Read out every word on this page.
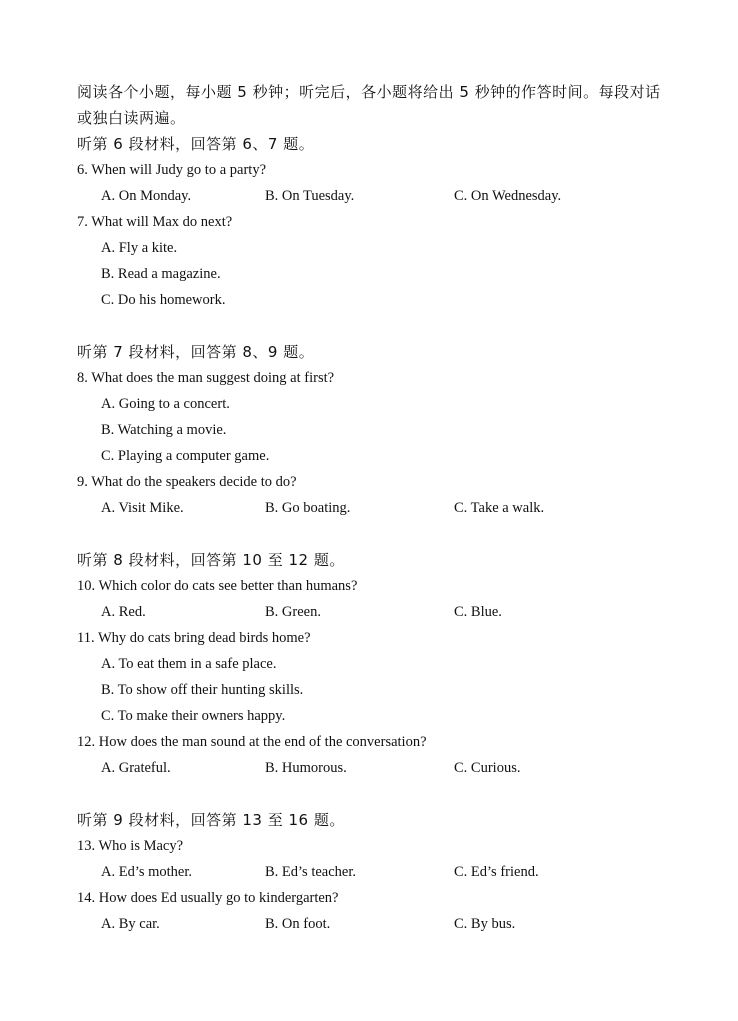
阅读各个小题，每小题 5 秒钟；听完后，各小题将给出 5 秒钟的作答时间。每段对话
或独白读两遍。
听第 6 段材料，回答第 6、7 题。
6. When will Judy go to a party?
A. On Monday.	B. On Tuesday.	C. On Wednesday.
7. What will Max do next?
A. Fly a kite.
B. Read a magazine.
C. Do his homework.
听第 7 段材料，回答第 8、9 题。
8. What does the man suggest doing at first?
A. Going to a concert.
B. Watching a movie.
C. Playing a computer game.
9. What do the speakers decide to do?
A. Visit Mike.	B. Go boating.	C. Take a walk.
听第 8 段材料，回答第 10 至 12 题。
10. Which color do cats see better than humans?
A. Red.	B. Green.	C. Blue.
11. Why do cats bring dead birds home?
A. To eat them in a safe place.
B. To show off their hunting skills.
C. To make their owners happy.
12. How does the man sound at the end of the conversation?
A. Grateful.	B. Humorous.	C. Curious.
听第 9 段材料，回答第 13 至 16 题。
13. Who is Macy?
A. Ed’s mother.	B. Ed’s teacher.	C. Ed’s friend.
14. How does Ed usually go to kindergarten?
A. By car.	B. On foot.	C. By bus.
